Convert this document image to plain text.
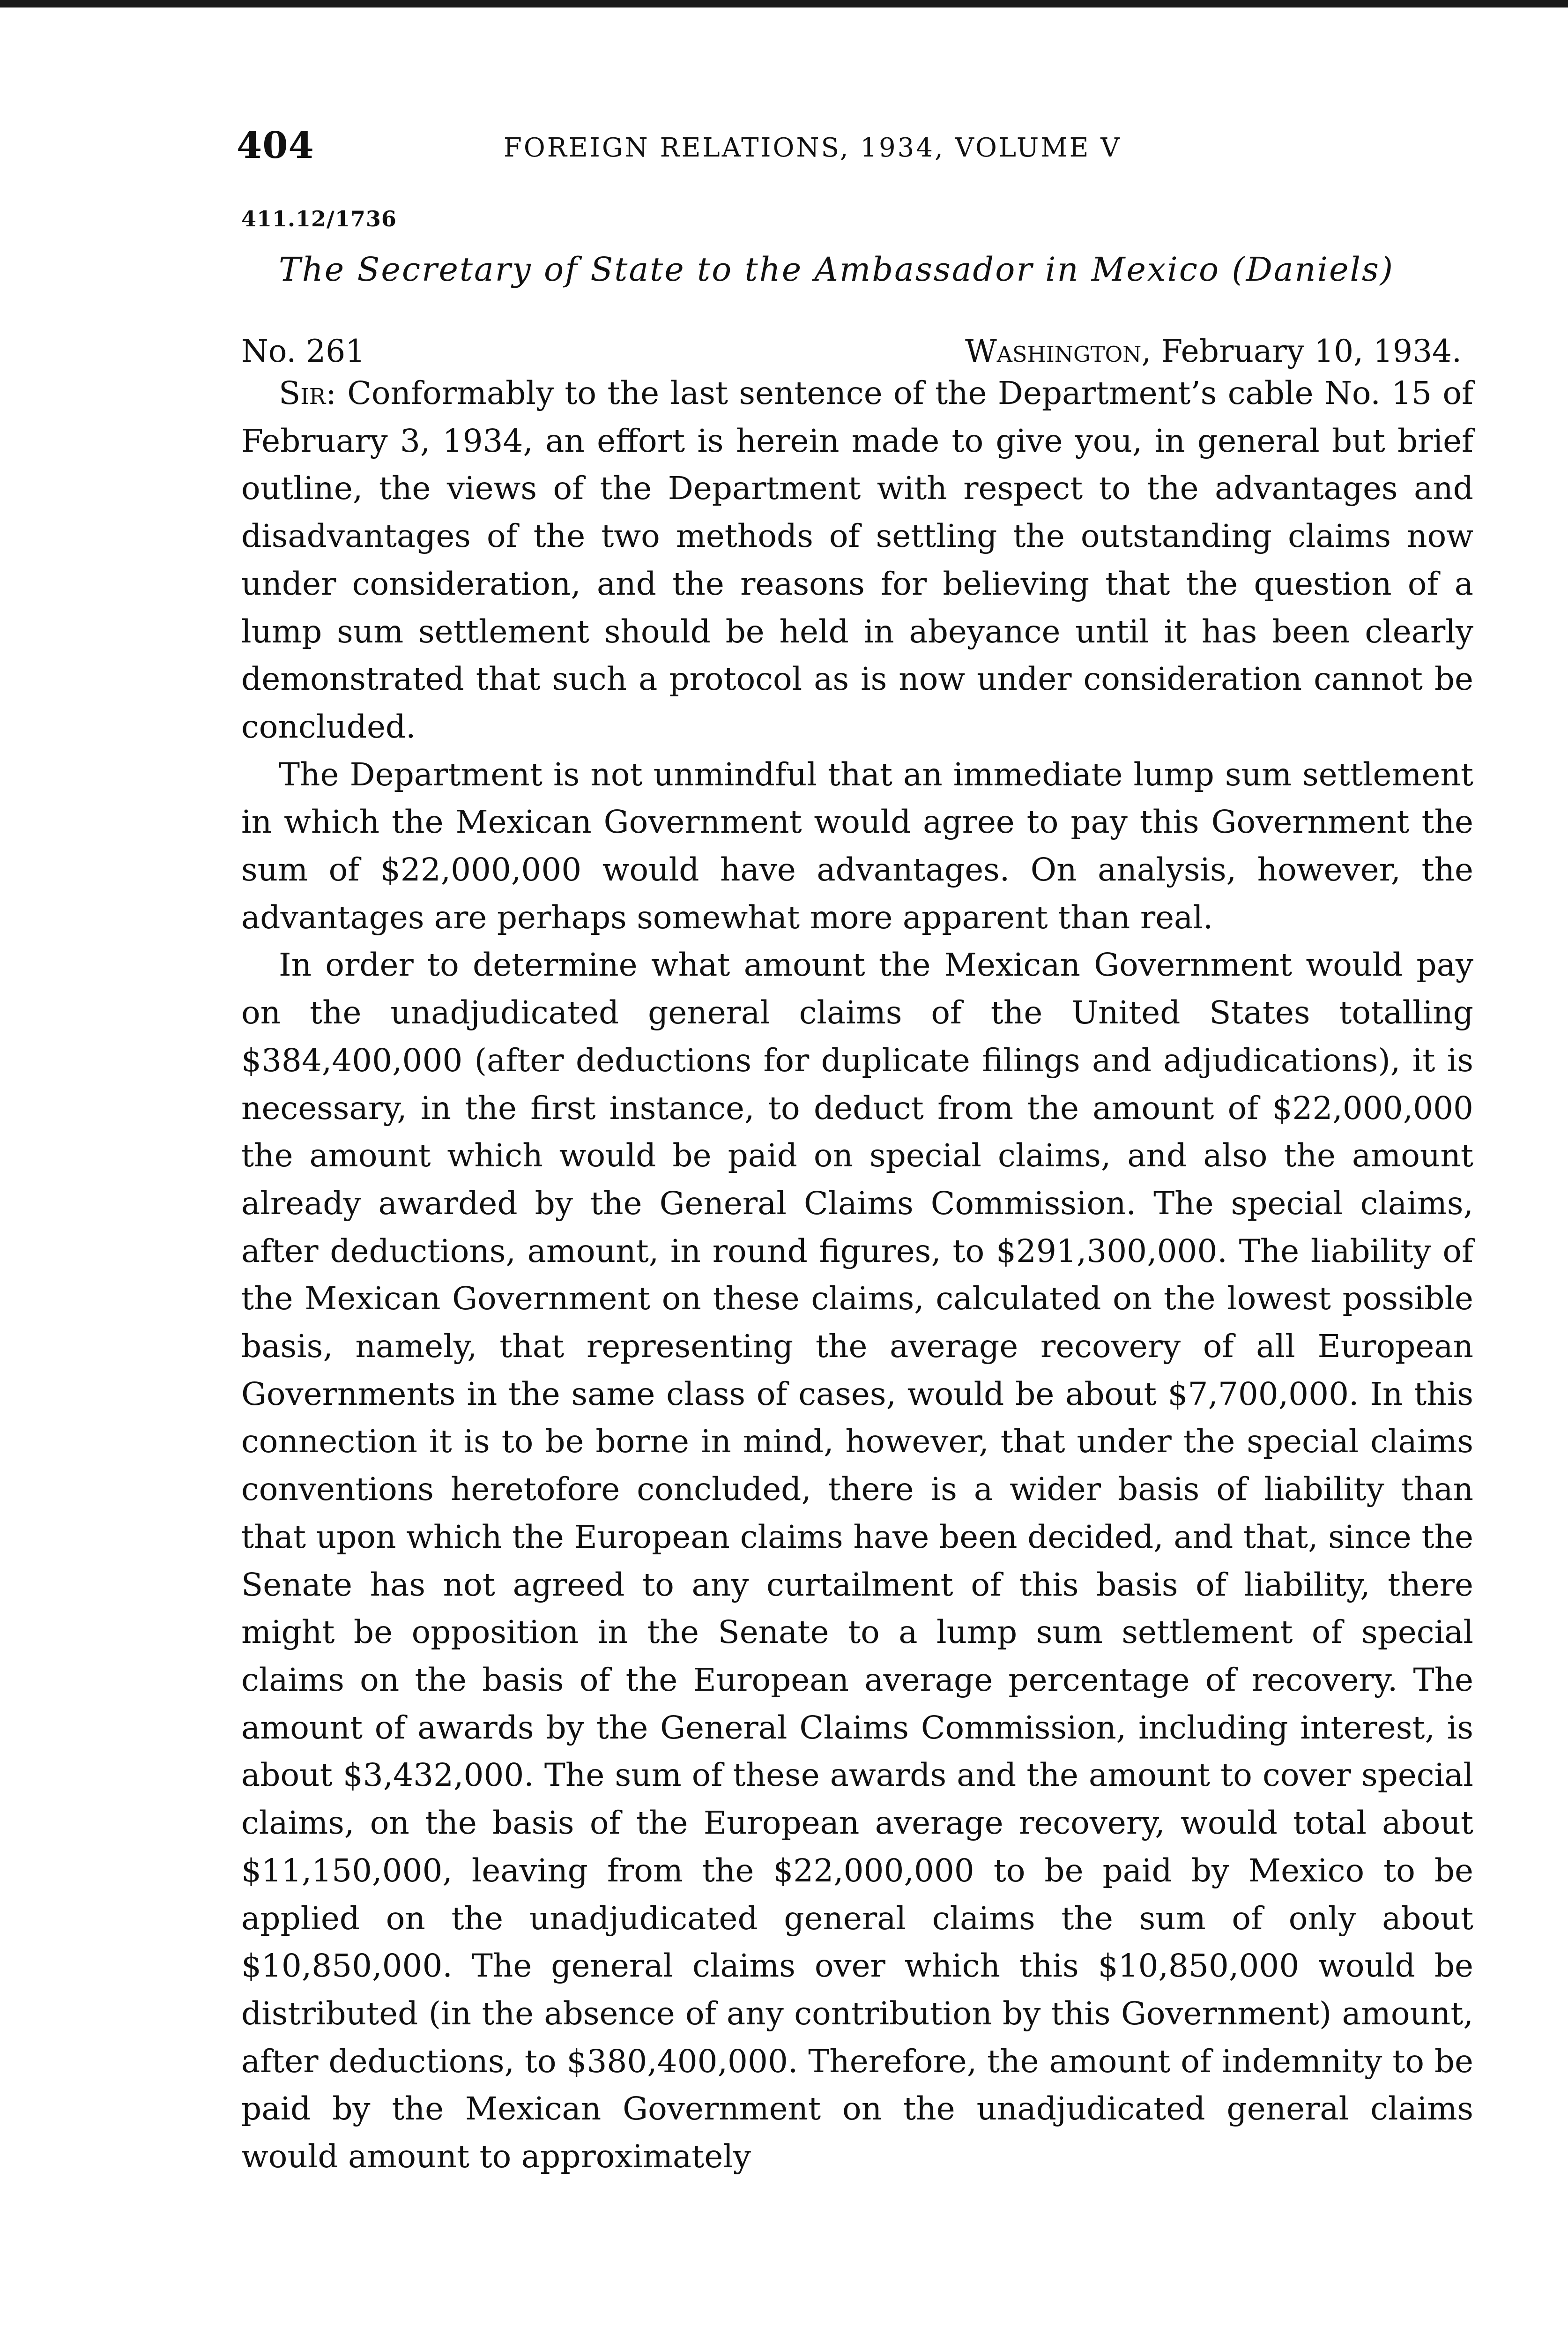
404	FOREIGN RELATIONS, 1934, VOLUME V
411.12/1736
The Secretary of State to the Ambassador in Mexico (Daniels)
No. 261	Washington, February 10, 1934.

Sir: Conformably to the last sentence of the Department’s cable No. 15 of February 3, 1934, an effort is herein made to give you, in general but brief outline, the views of the Department with respect to the advantages and disadvantages of the two methods of settling the outstanding claims now under consideration, and the reasons for believing that the question of a lump sum settlement should be held in abeyance until it has been clearly demonstrated that such a protocol as is now under consideration cannot be concluded.

The Department is not unmindful that an immediate lump sum settlement in which the Mexican Government would agree to pay this Government the sum of $22,000,000 would have advantages. On analysis, however, the advantages are perhaps somewhat more apparent than real.

In order to determine what amount the Mexican Government would pay on the unadjudicated general claims of the United States totalling $384,400,000 (after deductions for duplicate filings and adjudications), it is necessary, in the first instance, to deduct from the amount of $22,000,000 the amount which would be paid on special claims, and also the amount already awarded by the General Claims Commission. The special claims, after deductions, amount, in round figures, to $291,300,000. The liability of the Mexican Government on these claims, calculated on the lowest possible basis, namely, that representing the average recovery of all European Governments in the same class of cases, would be about $7,700,000. In this connection it is to be borne in mind, however, that under the special claims conventions heretofore concluded, there is a wider basis of liability than that upon which the European claims have been decided, and that, since the Senate has not agreed to any curtailment of this basis of liability, there might be opposition in the Senate to a lump sum settlement of special claims on the basis of the European average percentage of recovery. The amount of awards by the General Claims Commission, including interest, is about $3,432,000. The sum of these awards and the amount to cover special claims, on the basis of the European average recovery, would total about $11,150,000, leaving from the $22,000,000 to be paid by Mexico to be applied on the unadjudicated general claims the sum of only about $10,850,000. The general claims over which this $10,850,000 would be distributed (in the absence of any contribution by this Government) amount, after deductions, to $380,400,000. Therefore, the amount of indemnity to be paid by the Mexican Government on the unadjudicated general claims would amount to approximately
